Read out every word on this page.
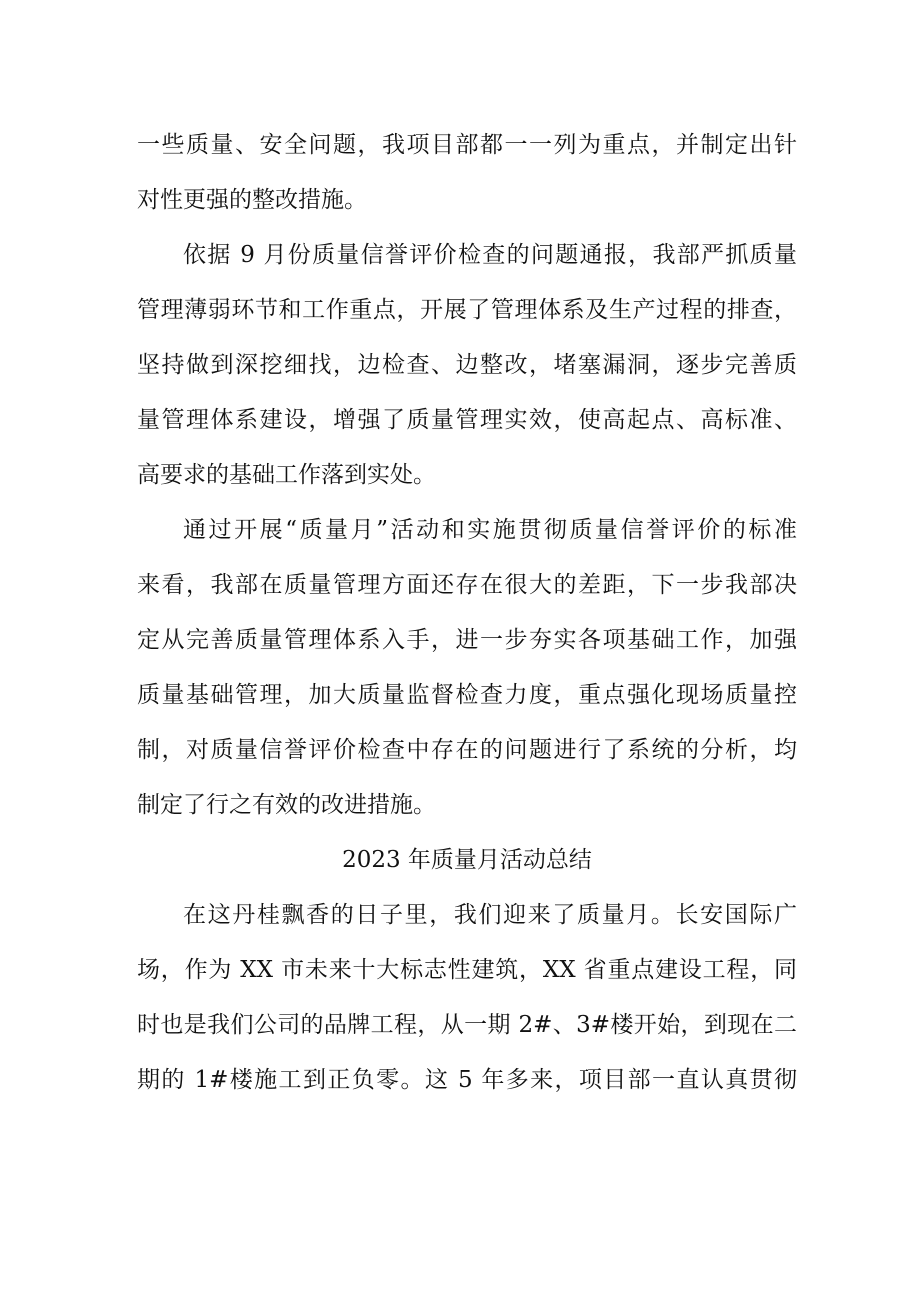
一些质量、安全问题，我项目部都一一列为重点，并制定出针
对性更强的整改措施。
依据 9 月份质量信誉评价检查的问题通报，我部严抓质量
管理薄弱环节和工作重点，开展了管理体系及生产过程的排查，
坚持做到深挖细找，边检查、边整改，堵塞漏洞，逐步完善质
量管理体系建设，增强了质量管理实效，使高起点、高标准、
高要求的基础工作落到实处。
通过开展“质量月”活动和实施贯彻质量信誉评价的标准
来看，我部在质量管理方面还存在很大的差距，下一步我部决
定从完善质量管理体系入手，进一步夯实各项基础工作，加强
质量基础管理，加大质量监督检查力度，重点强化现场质量控
制，对质量信誉评价检查中存在的问题进行了系统的分析，均
制定了行之有效的改进措施。
2023 年质量月活动总结
在这丹桂飘香的日子里，我们迎来了质量月。长安国际广
场，作为 XX 市未来十大标志性建筑，XX 省重点建设工程，同
时也是我们公司的品牌工程，从一期 2#、3#楼开始，到现在二
期的 1#楼施工到正负零。这 5 年多来，项目部一直认真贯彻
